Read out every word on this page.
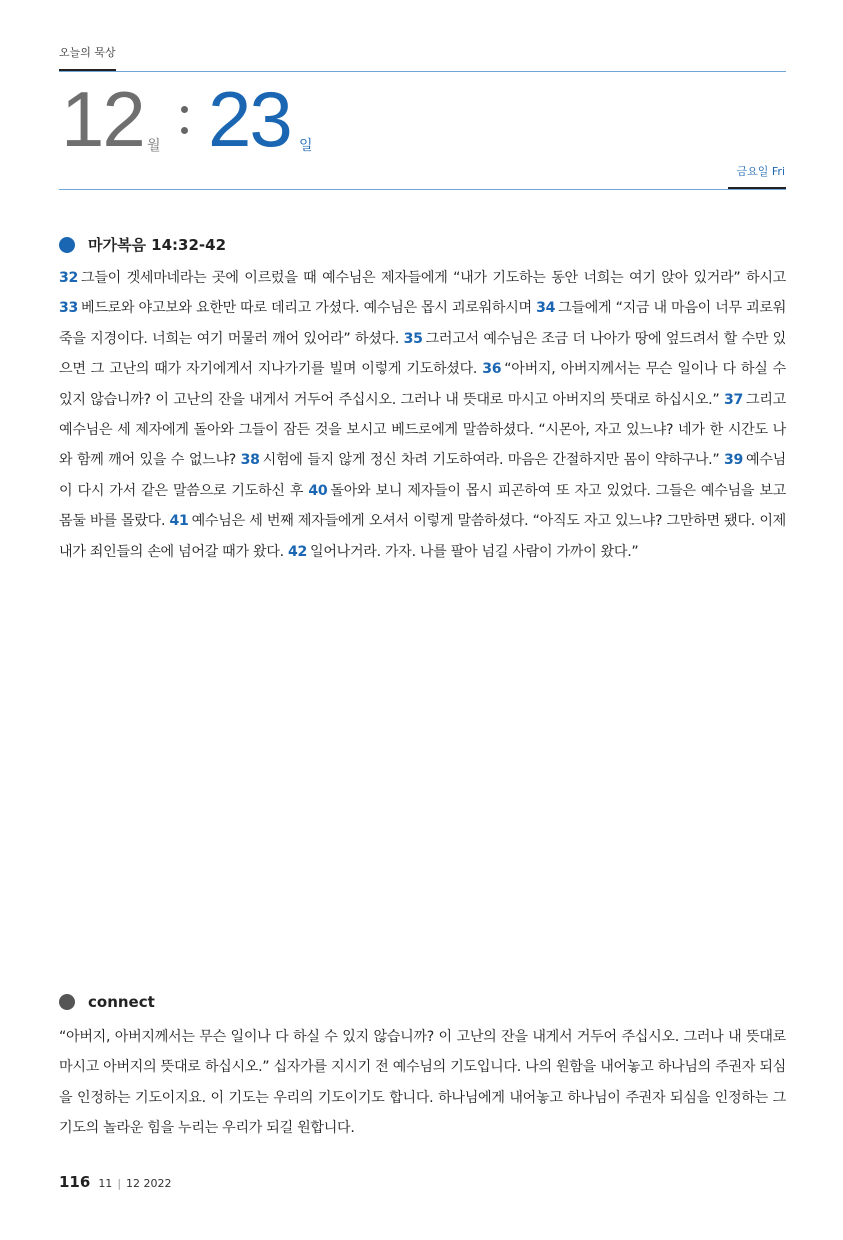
오늘의 묵상
12 월 23 일
금요일 Fri
마가복음 14:32-42
32 그들이 겟세마네라는 곳에 이르렀을 때 예수님은 제자들에게 “내가 기도하는 동안 너희는 여기 앉아 있거라” 하시고 33 베드로와 야고보와 요한만 따로 데리고 가셨다. 예수님은 몹시 괴로워하시며 34 그들에게 “지금 내 마음이 너무 괴로워 죽을 지경이다. 너희는 여기 머물러 깨어 있어라” 하셨다. 35 그러고서 예수님은 조금 더 나아가 땅에 엎드려서 할 수만 있으면 그 고난의 때가 자기에게서 지나가기를 빌며 이렇게 기도하셨다. 36 “아버지, 아버지께서는 무슨 일이나 다 하실 수 있지 않습니까? 이 고난의 잔을 내게서 거두어 주십시오. 그러나 내 뜻대로 마시고 아버지의 뜻대로 하십시오.” 37 그리고 예수님은 세 제자에게 돌아와 그들이 잠든 것을 보시고 베드로에게 말씀하셨다. “시몬아, 자고 있느냐? 네가 한 시간도 나와 함께 깨어 있을 수 없느냐? 38 시험에 들지 않게 정신 차려 기도하여라. 마음은 간절하지만 몸이 약하구나.” 39 예수님이 다시 가서 같은 말씀으로 기도하신 후 40 돌아와 보니 제자들이 몹시 피곤하여 또 자고 있었다. 그들은 예수님을 보고 몸둘 바를 몰랐다. 41 예수님은 세 번째 제자들에게 오셔서 이렇게 말씀하셨다. “아직도 자고 있느냐? 그만하면 됐다. 이제 내가 죄인들의 손에 넘어갈 때가 왔다. 42 일어나거라. 가자. 나를 팔아 넘길 사람이 가까이 왔다.”
connect
“아버지, 아버지께서는 무슨 일이나 다 하실 수 있지 않습니까? 이 고난의 잔을 내게서 거두어 주십시오. 그러나 내 뜻대로 마시고 아버지의 뜻대로 하십시오.” 십자가를 지시기 전 예수님의 기도입니다. 나의 원함을 내어놓고 하나님의 주권자 되심을 인정하는 기도이지요. 이 기도는 우리의 기도이기도 합니다. 하나님에게 내어놓고 하나님이 주권자 되심을 인정하는 그 기도의 놀라운 힘을 누리는 우리가 되길 원합니다.
116 11 | 12 2022
